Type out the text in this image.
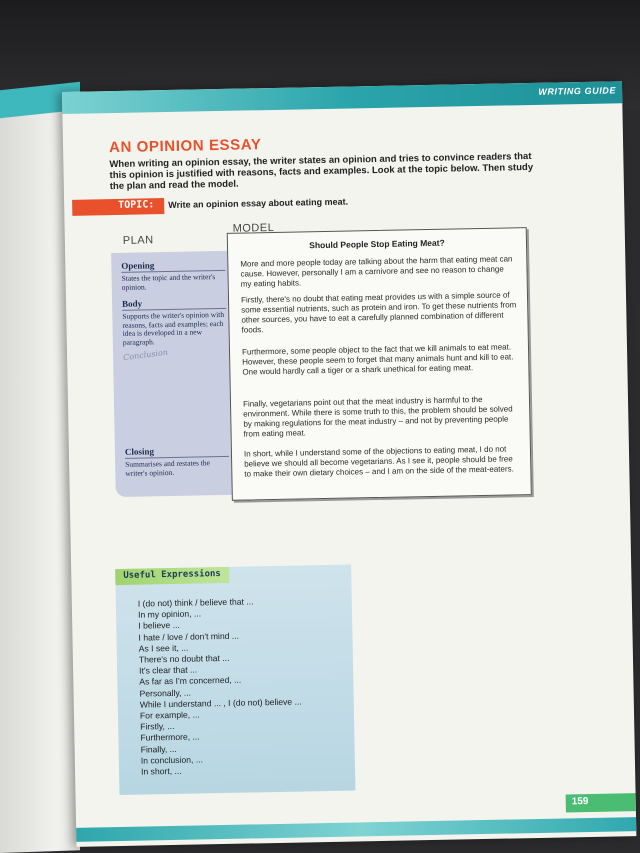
WRITING GUIDE
AN OPINION ESSAY
When writing an opinion essay, the writer states an opinion and tries to convince readers that this opinion is justified with reasons, facts and examples. Look at the topic below. Then study the plan and read the model.
TOPIC: Write an opinion essay about eating meat.
MODEL
PLAN
Opening
States the topic and the writer's opinion.
Body
Supports the writer's opinion with reasons, facts and examples; each idea is developed in a new paragraph.
Closing
Summarises and restates the writer's opinion.
Conclusion
Should People Stop Eating Meat?
More and more people today are talking about the harm that eating meat can cause. However, personally I am a carnivore and see no reason to change my eating habits.
Firstly, there's no doubt that eating meat provides us with a simple source of some essential nutrients, such as protein and iron. To get these nutrients from other sources, you have to eat a carefully planned combination of different foods.
Furthermore, some people object to the fact that we kill animals to eat meat. However, these people seem to forget that many animals hunt and kill to eat. One would hardly call a tiger or a shark unethical for eating meat.
Finally, vegetarians point out that the meat industry is harmful to the environment. While there is some truth to this, the problem should be solved by making regulations for the meat industry – and not by preventing people from eating meat.
In short, while I understand some of the objections to eating meat, I do not believe we should all become vegetarians. As I see it, people should be free to make their own dietary choices – and I am on the side of the meat-eaters.
Useful Expressions
I (do not) think / believe that ...
In my opinion, ...
I believe ...
I hate / love / don't mind ...
As I see it, ...
There's no doubt that ...
It's clear that ...
As far as I'm concerned, ...
Personally, ...
While I understand ... , I (do not) believe ...
For example, ...
Firstly, ...
Furthermore, ...
Finally, ...
In conclusion, ...
In short, ...
159
